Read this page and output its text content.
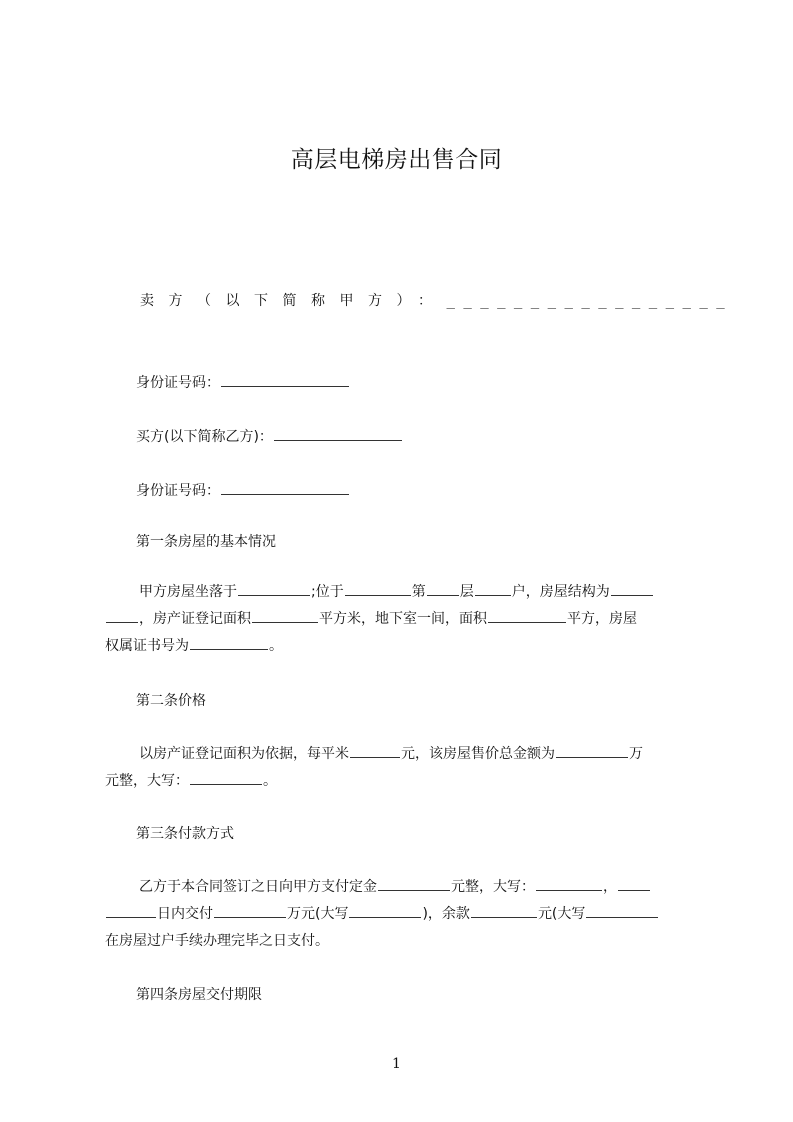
高层电梯房出售合同
卖方（以下简称甲方）：_ _ _ _ _ _ _ _ _ _ _ _ _ _ _ _ _
身份证号码：
买方(以下简称乙方)：
身份证号码：
第一条房屋的基本情况
甲方房屋坐落于	;位于	第 层	户，房屋结构为
，房产证登记面积	平方米，地下室一间，面积	平方，房屋
权属证书号为	。
第二条价格
以房产证登记面积为依据，每平米	元，该房屋售价总金额为	万
元整，大写：	。
第三条付款方式
乙方于本合同签订之日向甲方支付定金	元整，大写：	，
日内交付	万元(大写	)，余款	元(大写
在房屋过户手续办理完毕之日支付。
第四条房屋交付期限
1
